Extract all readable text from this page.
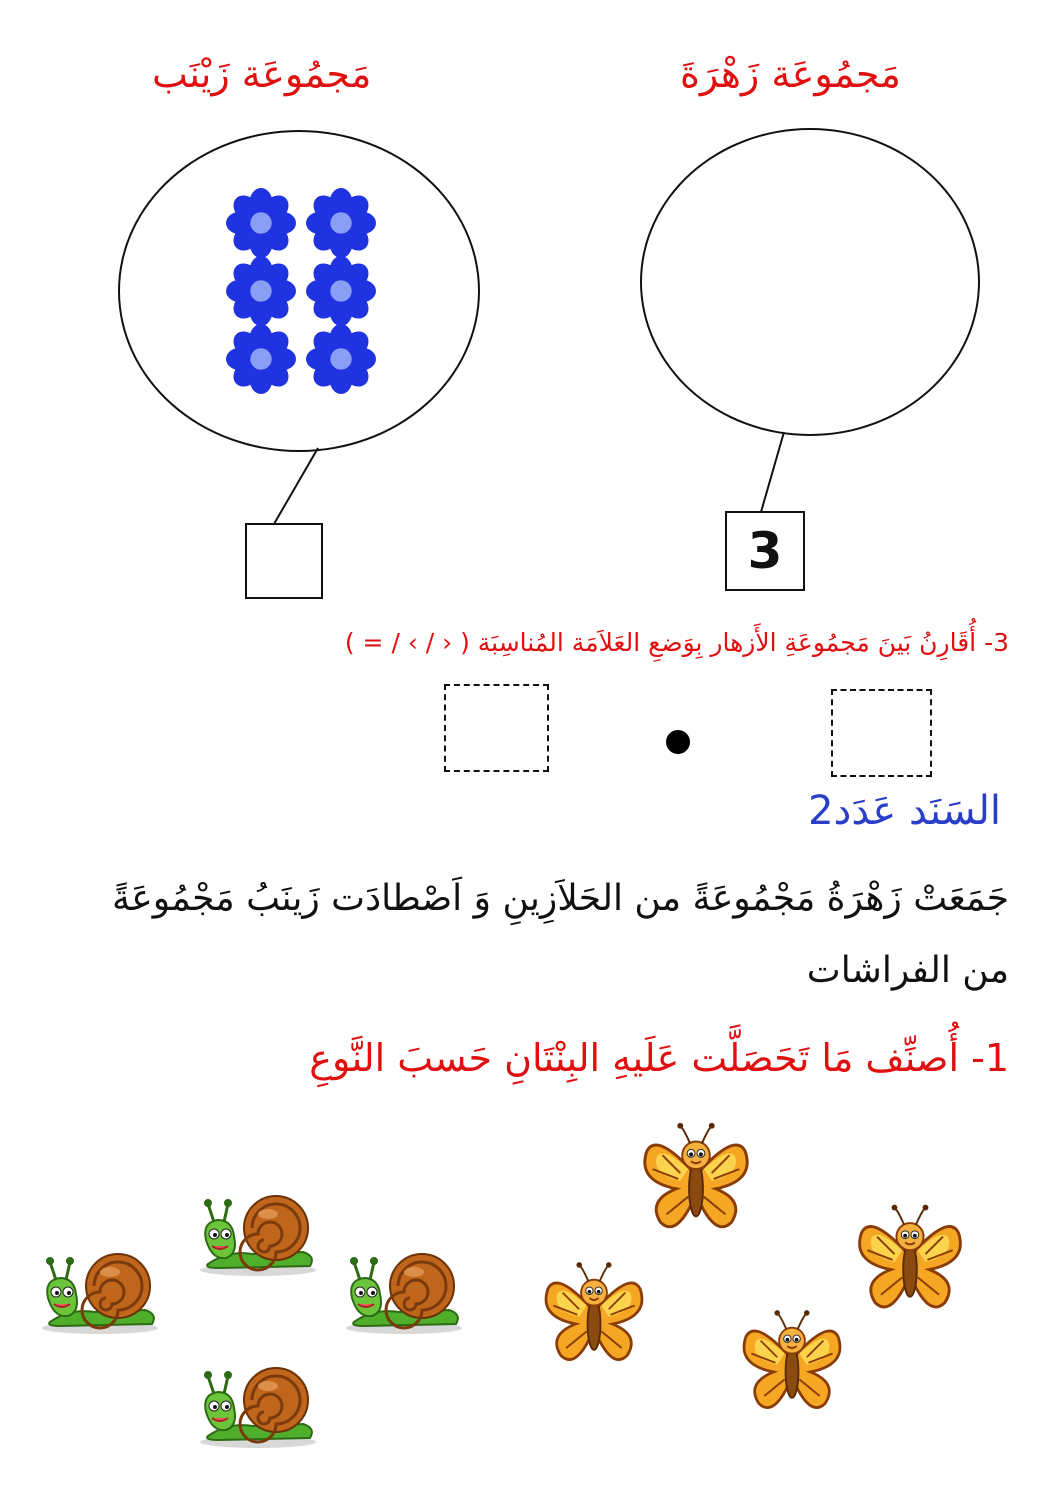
مَجمُوعَة زَهْرَةَ
مَجمُوعَة زَيْنَب
3
3- أُقَارِنُ بَينَ مَجمُوعَةِ الأَزهار بِوَضعِ العَلاَمَة المُناسِبَة ( ‹ / › / = )
السَنَد عَدَد2
جَمَعَتْ زَهْرَةُ مَجْمُوعَةً من الحَلاَزِينِ وَ اَصْطادَت زَينَبُ مَجْمُوعَةً
من الفراشات
1- أُصنِّف مَا تَحَصَلَّت عَلَيهِ البِنْتَانِ حَسبَ النَّوعِ
